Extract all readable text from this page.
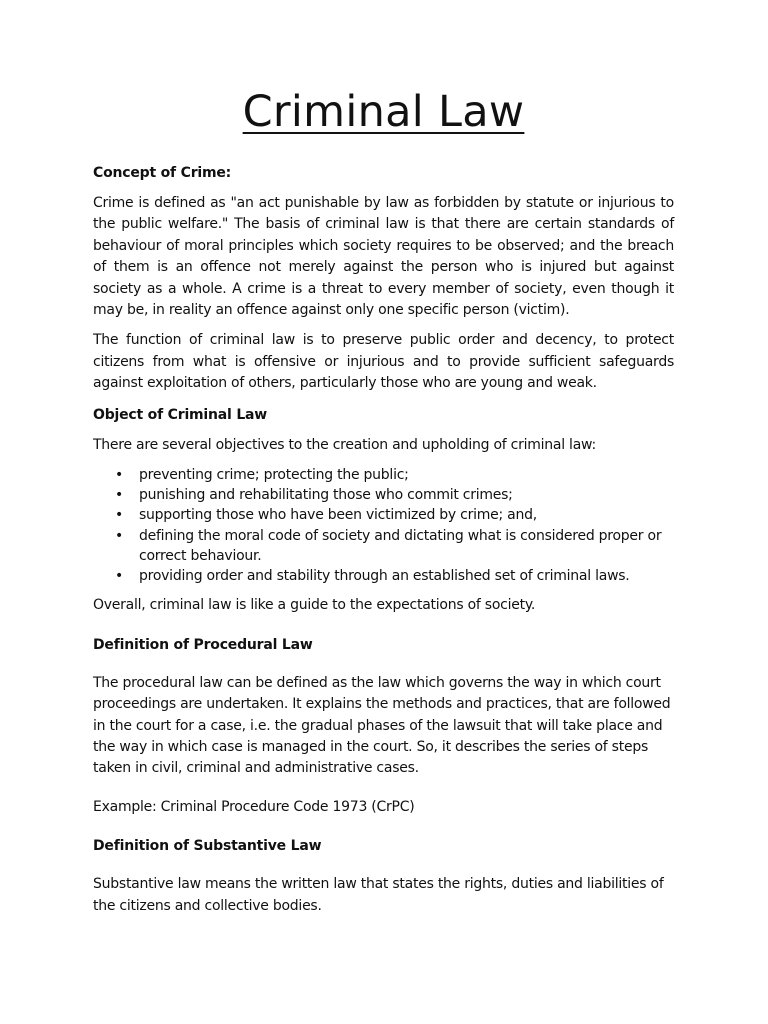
Criminal Law
Concept of Crime:

Crime is defined as "an act punishable by law as forbidden by statute or injurious to the public welfare." The basis of criminal law is that there are certain standards of behaviour of moral principles which society requires to be observed; and the breach of them is an offence not merely against the person who is injured but against society as a whole. A crime is a threat to every member of society, even though it may be, in reality an offence against only one specific person (victim).

The function of criminal law is to preserve public order and decency, to protect citizens from what is offensive or injurious and to provide sufficient safeguards against exploitation of others, particularly those who are young and weak.

Object of Criminal Law

There are several objectives to the creation and upholding of criminal law:

• preventing crime; protecting the public;
• punishing and rehabilitating those who commit crimes;
• supporting those who have been victimized by crime; and,
• defining the moral code of society and dictating what is considered proper or correct behaviour.
• providing order and stability through an established set of criminal laws.

Overall, criminal law is like a guide to the expectations of society.

Definition of Procedural Law

The procedural law can be defined as the law which governs the way in which court proceedings are undertaken. It explains the methods and practices, that are followed in the court for a case, i.e. the gradual phases of the lawsuit that will take place and the way in which case is managed in the court. So, it describes the series of steps taken in civil, criminal and administrative cases.

Example: Criminal Procedure Code 1973 (CrPC)

Definition of Substantive Law

Substantive law means the written law that states the rights, duties and liabilities of the citizens and collective bodies.
